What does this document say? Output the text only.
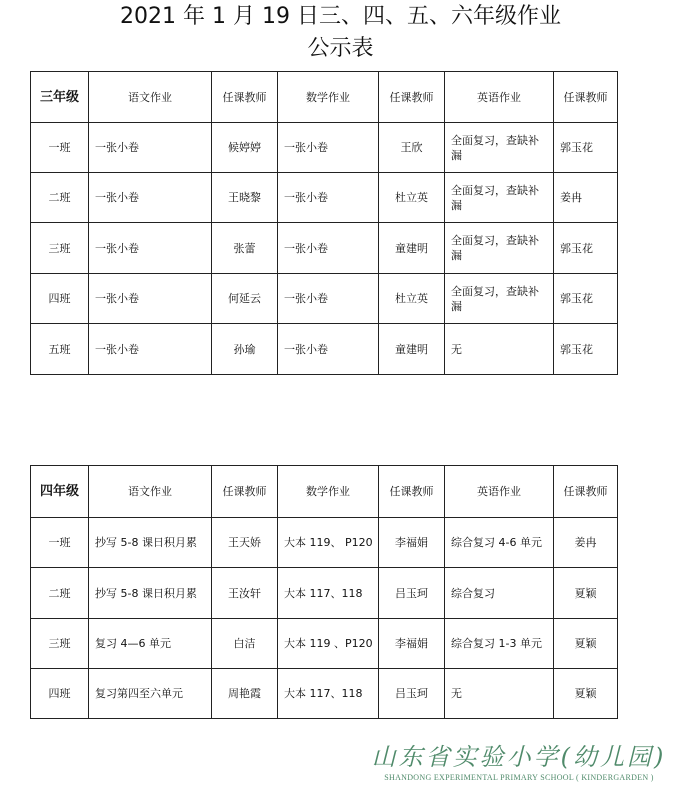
2021 年 1 月 19 日三、四、五、六年级作业
公示表
三年级	语文作业	任课教师	数学作业	任课教师	英语作业	任课教师
一班	一张小卷	候婷婷	一张小卷	王欣	全面复习，查缺补漏	郭玉花
二班	一张小卷	王晓黎	一张小卷	杜立英	全面复习，查缺补漏	姜冉
三班	一张小卷	张蕾	一张小卷	童建明	全面复习，查缺补漏	郭玉花
四班	一张小卷	何延云	一张小卷	杜立英	全面复习，查缺补漏	郭玉花
五班	一张小卷	孙瑜	一张小卷	童建明	无	郭玉花
四年级	语文作业	任课教师	数学作业	任课教师	英语作业	任课教师
一班	抄写 5-8 课日积月累	王天娇	大本 119、 P120	李福娟	综合复习 4-6 单元	姜冉
二班	抄写 5-8 课日积月累	王汝轩	大本 117、118	吕玉珂	综合复习	夏颖
三班	复习 4—6 单元	白洁	大本 119 、P120	李福娟	综合复习 1-3 单元	夏颖
四班	复习第四至六单元	周艳霞	大本 117、118	吕玉珂	无	夏颖
山东省实验小学(幼儿园)
SHANDONG EXPERIMENTAL PRIMARY SCHOOL ( KINDERGARDEN )
